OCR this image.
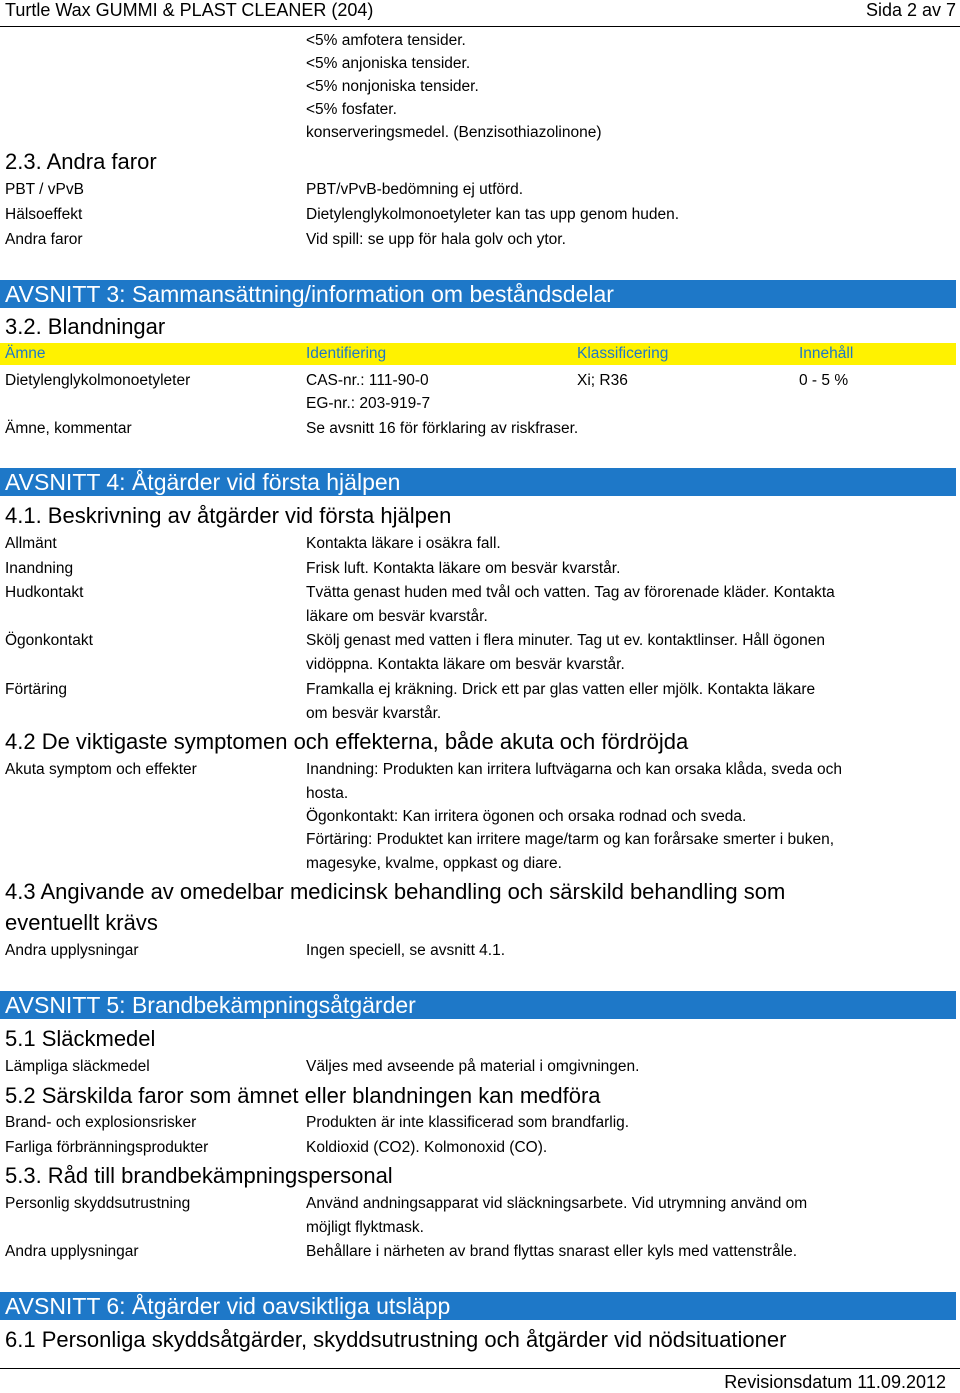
Turtle Wax GUMMI & PLAST CLEANER (204)	Sida 2 av 7
<5% amfotera tensider.
<5% anjoniska tensider.
<5% nonjoniska tensider.
<5% fosfater.
konserveringsmedel. (Benzisothiazolinone)
2.3. Andra faror
PBT / vPvB	PBT/vPvB-bedömning ej utförd.
Hälsoeffekt	Dietylenglykolmonoetyleter kan tas upp genom huden.
Andra faror	Vid spill: se upp för hala golv och ytor.
AVSNITT 3: Sammansättning/information om beståndsdelar
3.2. Blandningar
Ämne	Identifiering	Klassificering	Innehåll
Dietylenglykolmonoetyleter	CAS-nr.: 111-90-0	Xi; R36	0 - 5 %
EG-nr.: 203-919-7
Ämne, kommentar	Se avsnitt 16 för förklaring av riskfraser.
AVSNITT 4: Åtgärder vid första hjälpen
4.1. Beskrivning av åtgärder vid första hjälpen
Allmänt	Kontakta läkare i osäkra fall.
Inandning	Frisk luft. Kontakta läkare om besvär kvarstår.
Hudkontakt	Tvätta genast huden med tvål och vatten. Tag av förorenade kläder. Kontakta
läkare om besvär kvarstår.
Ögonkontakt	Skölj genast med vatten i flera minuter. Tag ut ev. kontaktlinser. Håll ögonen
vidöppna. Kontakta läkare om besvär kvarstår.
Förtäring	Framkalla ej kräkning. Drick ett par glas vatten eller mjölk. Kontakta läkare
om besvär kvarstår.
4.2 De viktigaste symptomen och effekterna, både akuta och fördröjda
Akuta symptom och effekter	Inandning: Produkten kan irritera luftvägarna och kan orsaka klåda, sveda och
hosta.
Ögonkontakt: Kan irritera ögonen och orsaka rodnad och sveda.
Förtäring: Produktet kan irritere mage/tarm og kan forårsake smerter i buken,
magesyke, kvalme, oppkast og diare.
4.3 Angivande av omedelbar medicinsk behandling och särskild behandling som
eventuellt krävs
Andra upplysningar	Ingen speciell, se avsnitt 4.1.
AVSNITT 5: Brandbekämpningsåtgärder
5.1 Släckmedel
Lämpliga släckmedel	Väljes med avseende på material i omgivningen.
5.2 Särskilda faror som ämnet eller blandningen kan medföra
Brand- och explosionsrisker	Produkten är inte klassificerad som brandfarlig.
Farliga förbränningsprodukter	Koldioxid (CO2). Kolmonoxid (CO).
5.3. Råd till brandbekämpningspersonal
Personlig skyddsutrustning	Använd andningsapparat vid släckningsarbete. Vid utrymning använd om
möjligt flyktmask.
Andra upplysningar	Behållare i närheten av brand flyttas snarast eller kyls med vattenstråle.
AVSNITT 6: Åtgärder vid oavsiktliga utsläpp
6.1 Personliga skyddsåtgärder, skyddsutrustning och åtgärder vid nödsituationer
Revisionsdatum 11.09.2012
